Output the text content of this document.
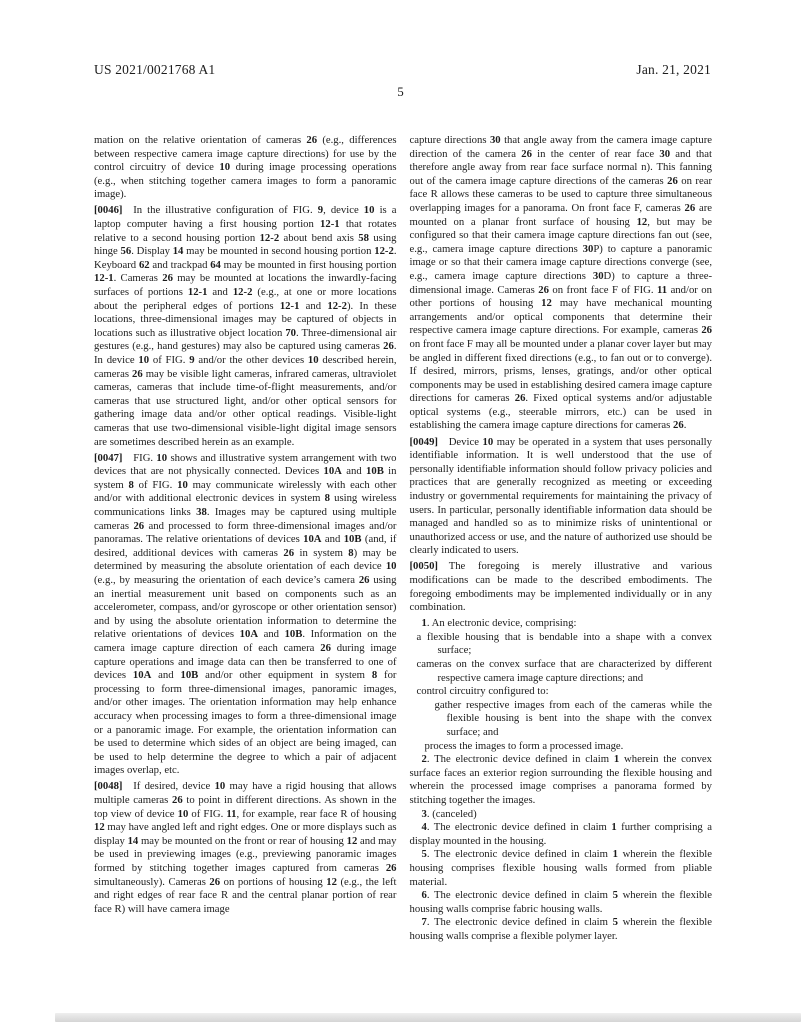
US 2021/0021768 A1	Jan. 21, 2021
5

mation on the relative orientation of cameras 26 (e.g., differences between respective camera image capture directions) for use by the control circuitry of device 10 during image processing operations (e.g., when stitching together camera images to form a panoramic image).

[0046] In the illustrative configuration of FIG. 9, device 10 is a laptop computer having a first housing portion 12-1 that rotates relative to a second housing portion 12-2 about bend axis 58 using hinge 56. Display 14 may be mounted in second housing portion 12-2. Keyboard 62 and trackpad 64 may be mounted in first housing portion 12-1. Cameras 26 may be mounted at locations the inwardly-facing surfaces of portions 12-1 and 12-2 (e.g., at one or more locations about the peripheral edges of portions 12-1 and 12-2). In these locations, three-dimensional images may be captured of objects in locations such as illustrative object location 70. Three-dimensional air gestures (e.g., hand gestures) may also be captured using cameras 26. In device 10 of FIG. 9 and/or the other devices 10 described herein, cameras 26 may be visible light cameras, infrared cameras, ultraviolet cameras, cameras that include time-of-flight measurements, and/or cameras that use structured light, and/or other optical sensors for gathering image data and/or other optical readings. Visible-light cameras that use two-dimensional visible-light digital image sensors are sometimes described herein as an example.

[0047] FIG. 10 shows and illustrative system arrangement with two devices that are not physically connected. Devices 10A and 10B in system 8 of FIG. 10 may communicate wirelessly with each other and/or with additional electronic devices in system 8 using wireless communications links 38. Images may be captured using multiple cameras 26 and processed to form three-dimensional images and/or panoramas. The relative orientations of devices 10A and 10B (and, if desired, additional devices with cameras 26 in system 8) may be determined by measuring the absolute orientation of each device 10 (e.g., by measuring the orientation of each device’s camera 26 using an inertial measurement unit based on components such as an accelerometer, compass, and/or gyroscope or other orientation sensor) and by using the absolute orientation information to determine the relative orientations of devices 10A and 10B. Information on the camera image capture direction of each camera 26 during image capture operations and image data can then be transferred to one of devices 10A and 10B and/or other equipment in system 8 for processing to form three-dimensional images, panoramic images, and/or other images. The orientation information may help enhance accuracy when processing images to form a three-dimensional image or a panoramic image. For example, the orientation information can be used to determine which sides of an object are being imaged, can be used to help determine the degree to which a pair of adjacent images overlap, etc.

[0048] If desired, device 10 may have a rigid housing that allows multiple cameras 26 to point in different directions. As shown in the top view of device 10 of FIG. 11, for example, rear face R of housing 12 may have angled left and right edges. One or more displays such as display 14 may be mounted on the front or rear of housing 12 and may be used in previewing images (e.g., previewing panoramic images formed by stitching together images captured from cameras 26 simultaneously). Cameras 26 on portions of housing 12 (e.g., the left and right edges of rear face R and the central planar portion of rear face R) will have camera image

capture directions 30 that angle away from the camera image capture direction of the camera 26 in the center of rear face 30 and that therefore angle away from rear face surface normal n). This fanning out of the camera image capture directions of the cameras 26 on rear face R allows these cameras to be used to capture three simultaneous overlapping images for a panorama. On front face F, cameras 26 are mounted on a planar front surface of housing 12, but may be configured so that their camera image capture directions fan out (see, e.g., camera image capture directions 30P) to capture a panoramic image or so that their camera image capture directions converge (see, e.g., camera image capture directions 30D) to capture a three-dimensional image. Cameras 26 on front face F of FIG. 11 and/or on other portions of housing 12 may have mechanical mounting arrangements and/or optical components that determine their respective camera image capture directions. For example, cameras 26 on front face F may all be mounted under a planar cover layer but may be angled in different fixed directions (e.g., to fan out or to converge). If desired, mirrors, prisms, lenses, gratings, and/or other optical components may be used in establishing desired camera image capture directions for cameras 26. Fixed optical systems and/or adjustable optical systems (e.g., steerable mirrors, etc.) can be used in establishing the camera image capture directions for cameras 26.

[0049] Device 10 may be operated in a system that uses personally identifiable information. It is well understood that the use of personally identifiable information should follow privacy policies and practices that are generally recognized as meeting or exceeding industry or governmental requirements for maintaining the privacy of users. In particular, personally identifiable information data should be managed and handled so as to minimize risks of unintentional or unauthorized access or use, and the nature of authorized use should be clearly indicated to users.

[0050] The foregoing is merely illustrative and various modifications can be made to the described embodiments. The foregoing embodiments may be implemented individually or in any combination.

1. An electronic device, comprising:

a flexible housing that is bendable into a shape with a convex surface;

cameras on the convex surface that are characterized by different respective camera image capture directions; and

control circuitry configured to:

gather respective images from each of the cameras while the flexible housing is bent into the shape with the convex surface; and

process the images to form a processed image.

2. The electronic device defined in claim 1 wherein the convex surface faces an exterior region surrounding the flexible housing and wherein the processed image comprises a panorama formed by stitching together the images.

3. (canceled)

4. The electronic device defined in claim 1 further comprising a display mounted in the housing.

5. The electronic device defined in claim 1 wherein the flexible housing comprises flexible housing walls formed from pliable material.

6. The electronic device defined in claim 5 wherein the flexible housing walls comprise fabric housing walls.

7. The electronic device defined in claim 5 wherein the flexible housing walls comprise a flexible polymer layer.
